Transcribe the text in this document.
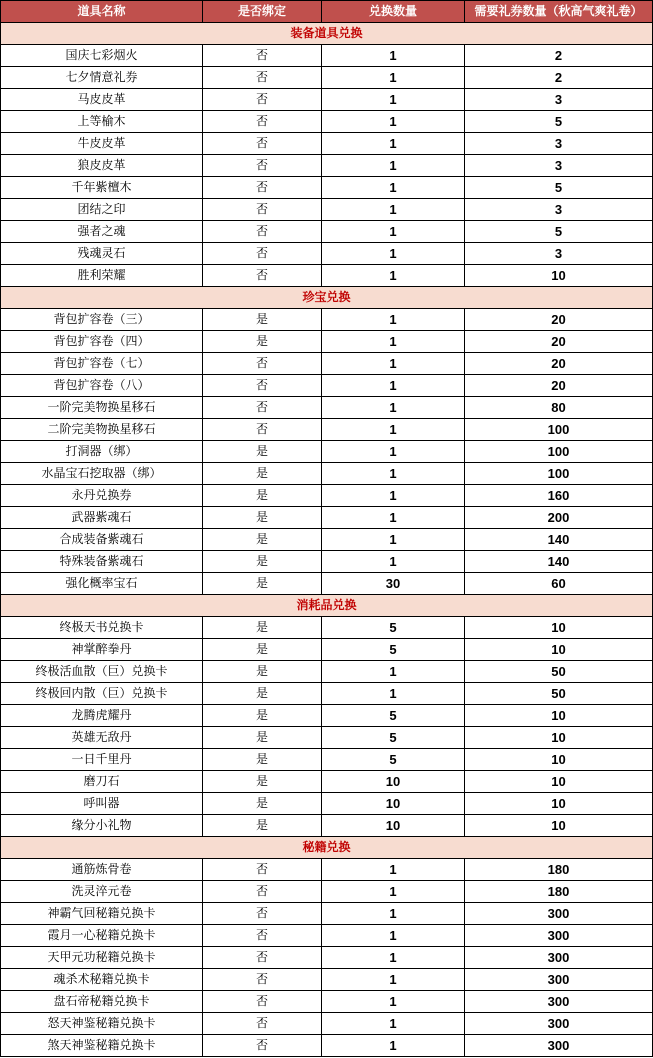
道具名称	是否绑定	兑换数量	需要礼券数量（秋高气爽礼卷）
装备道具兑换			
国庆七彩烟火	否	1	2
七夕情意礼券	否	1	2
马皮皮革	否	1	3
上等榆木	否	1	5
牛皮皮革	否	1	3
狼皮皮革	否	1	3
千年紫檀木	否	1	5
团结之印	否	1	3
强者之魂	否	1	5
残魂灵石	否	1	3
胜利荣耀	否	1	10
珍宝兑换			
背包扩容卷（三）	是	1	20
背包扩容卷（四）	是	1	20
背包扩容卷（七）	否	1	20
背包扩容卷（八）	否	1	20
一阶完美物换星移石	否	1	80
二阶完美物换星移石	否	1	100
打洞器（绑）	是	1	100
水晶宝石挖取器（绑）	是	1	100
永丹兑换券	是	1	160
武器紫魂石	是	1	200
合成装备紫魂石	是	1	140
特殊装备紫魂石	是	1	140
强化概率宝石	是	30	60
消耗品兑换			
终极天书兑换卡	是	5	10
神掌醉拳丹	是	5	10
终极活血散（巨）兑换卡	是	1	50
终极回内散（巨）兑换卡	是	1	50
龙腾虎耀丹	是	5	10
英雄无敌丹	是	5	10
一日千里丹	是	5	10
磨刀石	是	10	10
呼叫器	是	10	10
缘分小礼物	是	10	10
秘籍兑换			
通筋炼骨卷	否	1	180
洗灵淬元卷	否	1	180
神霸气回秘籍兑换卡	否	1	300
霞月一心秘籍兑换卡	否	1	300
天甲元功秘籍兑换卡	否	1	300
魂杀术秘籍兑换卡	否	1	300
盘石帝秘籍兑换卡	否	1	300
怒天神鉴秘籍兑换卡	否	1	300
煞天神鉴秘籍兑换卡	否	1	300
